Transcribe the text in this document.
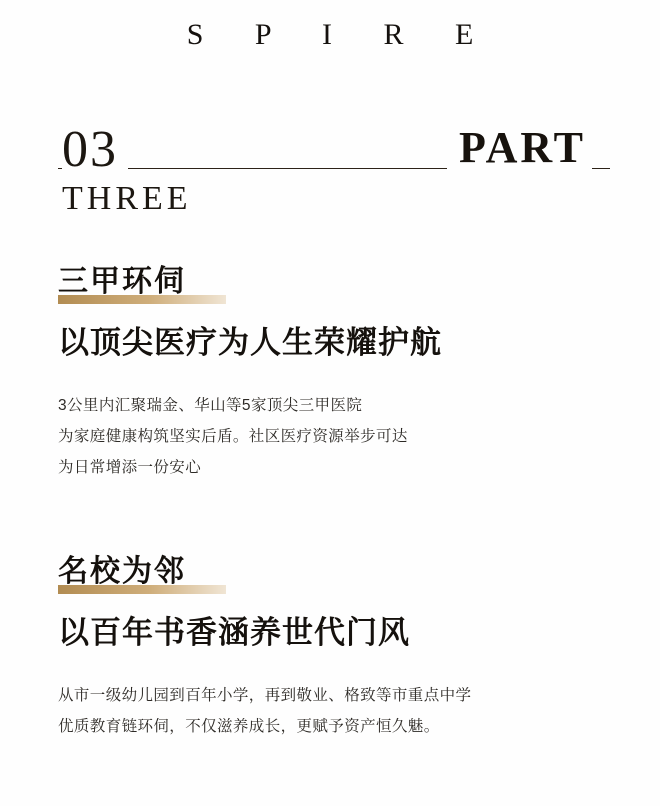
S P I R E
03	PART
THREE
三甲环伺
以顶尖医疗为人生荣耀护航
3公里内汇聚瑞金、华山等5家顶尖三甲医院
为家庭健康构筑坚实后盾。社区医疗资源举步可达
为日常增添一份安心
名校为邻
以百年书香涵养世代门风
从市一级幼儿园到百年小学，再到敬业、格致等市重点中学
优质教育链环伺，不仅滋养成长，更赋予资产恒久魅。
